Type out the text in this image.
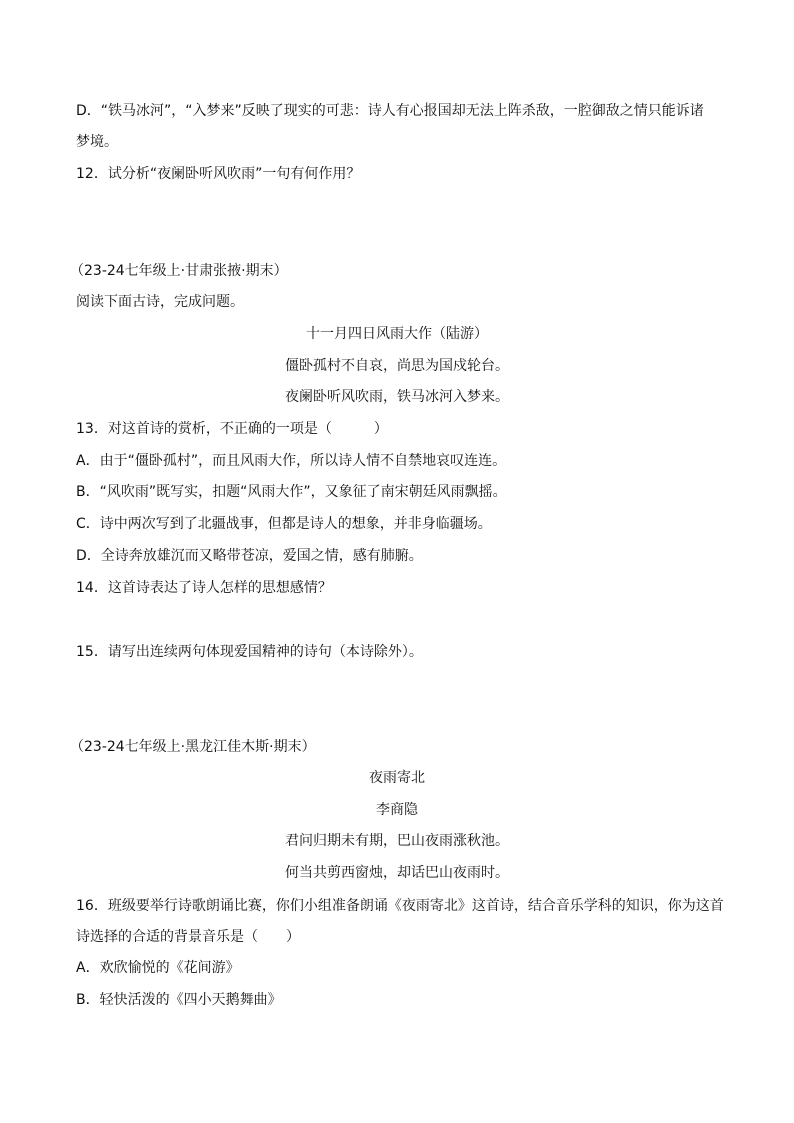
D．“铁马冰河”，“入梦来”反映了现实的可悲：诗人有心报国却无法上阵杀敌，一腔御敌之情只能诉诸
梦境。
12．试分析“夜阑卧听风吹雨”一句有何作用？
（23-24七年级上·甘肃张掖·期末）
阅读下面古诗，完成问题。
十一月四日风雨大作（陆游）
僵卧孤村不自哀，尚思为国戍轮台。
夜阑卧听风吹雨，铁马冰河入梦来。
13．对这首诗的赏析，不正确的一项是（　　　）
A．由于“僵卧孤村”，而且风雨大作，所以诗人情不自禁地哀叹连连。
B．“风吹雨”既写实，扣题“风雨大作”，又象征了南宋朝廷风雨飘摇。
C．诗中两次写到了北疆战事，但都是诗人的想象，并非身临疆场。
D．全诗奔放雄沉而又略带苍凉，爱国之情，感有肺腑。
14．这首诗表达了诗人怎样的思想感情？
15．请写出连续两句体现爱国精神的诗句（本诗除外）。
（23-24七年级上·黑龙江佳木斯·期末）
夜雨寄北
李商隐
君问归期未有期，巴山夜雨涨秋池。
何当共剪西窗烛，却话巴山夜雨时。
16．班级要举行诗歌朗诵比赛，你们小组准备朗诵《夜雨寄北》这首诗，结合音乐学科的知识，你为这首
诗选择的合适的背景音乐是（　　）
A．欢欣愉悦的《花间游》
B．轻快活泼的《四小天鹅舞曲》
